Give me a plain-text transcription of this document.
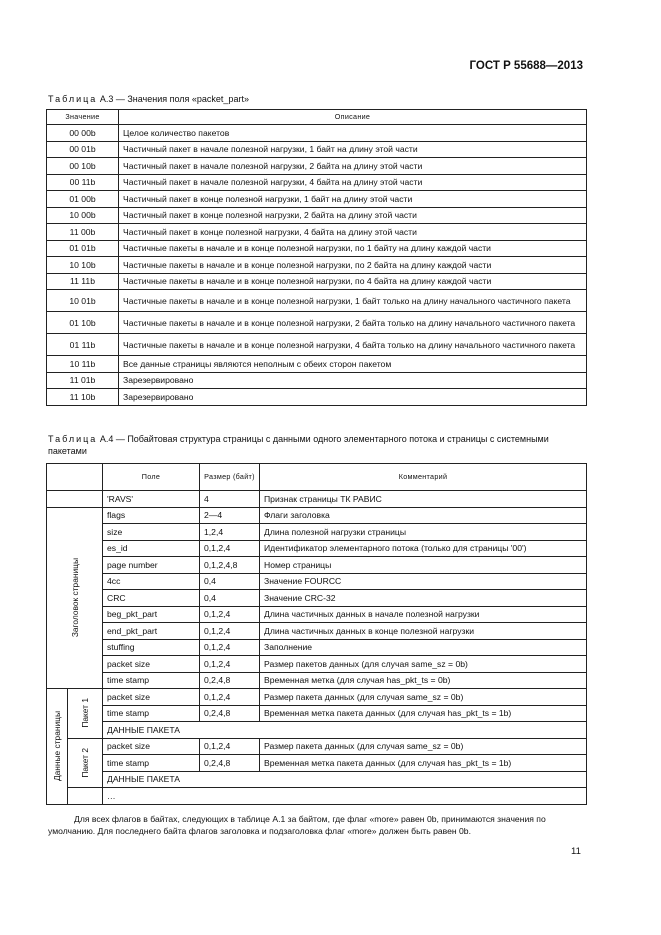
ГОСТ Р 55688—2013
Таблица А.3 — Значения поля «packet_part»
Значение	Описание
00 00b	Целое количество пакетов
00 01b	Частичный пакет в начале полезной нагрузки, 1 байт на длину этой части
00 10b	Частичный пакет в начале полезной нагрузки, 2 байта на длину этой части
00 11b	Частичный пакет в начале полезной нагрузки, 4 байта на длину этой части
01 00b	Частичный пакет в конце полезной нагрузки, 1 байт на длину этой части
10 00b	Частичный пакет в конце полезной нагрузки, 2 байта на длину этой части
11 00b	Частичный пакет в конце полезной нагрузки, 4 байта на длину этой части
01 01b	Частичные пакеты в начале и в конце полезной нагрузки, по 1 байту на длину каждой части
10 10b	Частичные пакеты в начале и в конце полезной нагрузки, по 2 байта на длину каждой части
11 11b	Частичные пакеты в начале и в конце полезной нагрузки, по 4 байта на длину каждой части
10 01b	Частичные пакеты в начале и в конце полезной нагрузки, 1 байт только на длину начального частичного пакета
01 10b	Частичные пакеты в начале и в конце полезной нагрузки, 2 байта только на длину начального частичного пакета
01 11b	Частичные пакеты в начале и в конце полезной нагрузки, 4 байта только на длину начального частичного пакета
10 11b	Все данные страницы являются неполным с обеих сторон пакетом
11 01b	Зарезервировано
11 10b	Зарезервировано
Таблица А.4 — Побайтовая структура страницы с данными одного элементарного потока и страницы с системными пакетами
		Поле	Размер (байт)	Комментарий
		'RAVS'	4	Признак страницы ТК РАВИС

Заголовок страницы		flags	2—4	Флаги заголовка
		size	1,2,4	Длина полезной нагрузки страницы
		es_id	0,1,2,4	Идентификатор элементарного потока (только для страницы '00')
		page number	0,1,2,4,8	Номер страницы
		4cc	0,4	Значение FOURCC
		CRC	0,4	Значение CRC-32
		beg_pkt_part	0,1,2,4	Длина частичных данных в начале полезной нагрузки
		end_pkt_part	0,1,2,4	Длина частичных данных в конце полезной нагрузки
		stuffing	0,1,2,4	Заполнение
		packet size	0,1,2,4	Размер пакетов данных (для случая same_sz = 0b)
		time stamp	0,2,4,8	Временная метка (для случая has_pkt_ts = 0b)

Данные страницы	Пакет 1	packet size	0,1,2,4	Размер пакета данных (для случая same_sz = 0b)
		time stamp	0,2,4,8	Временная метка пакета данных (для случая has_pkt_ts = 1b)
		ДАННЫЕ ПАКЕТА		

	Пакет 2	packet size	0,1,2,4	Размер пакета данных (для случая same_sz = 0b)
		time stamp	0,2,4,8	Временная метка пакета данных (для случая has_pkt_ts = 1b)
		ДАННЫЕ ПАКЕТА		
		…		
Для всех флагов в байтах, следующих в таблице А.1 за байтом, где флаг «more» равен 0b, принимаются значения по умолчанию. Для последнего байта флагов заголовка и подзаголовка флаг «more» должен быть равен 0b.
11
